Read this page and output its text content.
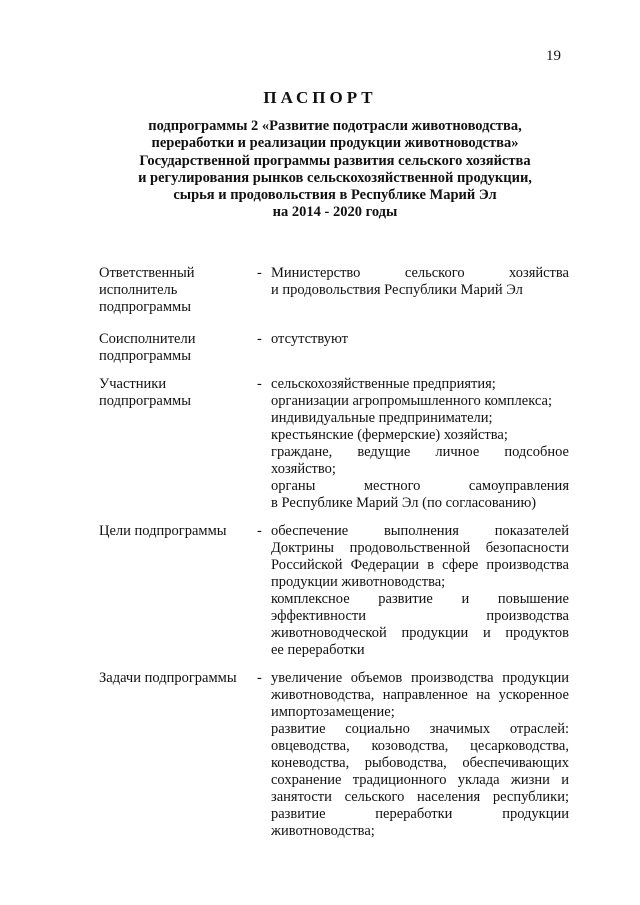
19
ПАСПОРТ
подпрограммы 2 «Развитие подотрасли животноводства,
переработки и реализации продукции животноводства»
Государственной программы развития сельского хозяйства
и регулирования рынков сельскохозяйственной продукции,
сырья и продовольствия в Республике Марий Эл
на 2014 - 2020 годы
Ответственный
исполнитель
подпрограммы
- Министерство сельского хозяйства
и продовольствия Республики Марий Эл
Соисполнители
подпрограммы
- отсутствуют
Участники
подпрограммы
- сельскохозяйственные предприятия;
организации агропромышленного комплекса;
индивидуальные предприниматели;
крестьянские (фермерские) хозяйства;
граждане, ведущие личное подсобное
хозяйство;
органы местного самоуправления
в Республике Марий Эл (по согласованию)
Цели подпрограммы	- обеспечение выполнения показателей
Доктрины продовольственной безопасности
Российской Федерации в сфере производства
продукции животноводства;
комплексное развитие и повышение
эффективности производства
животноводческой продукции и продуктов
ее переработки
Задачи подпрограммы	- увеличение объемов производства продукции
животноводства, направленное на ускоренное
импортозамещение;
развитие социально значимых отраслей:
овцеводства, козоводства, цесарководства,
коневодства, рыбоводства, обеспечивающих
сохранение традиционного уклада жизни и
занятости сельского населения республики;
развитие переработки продукции
животноводства;
